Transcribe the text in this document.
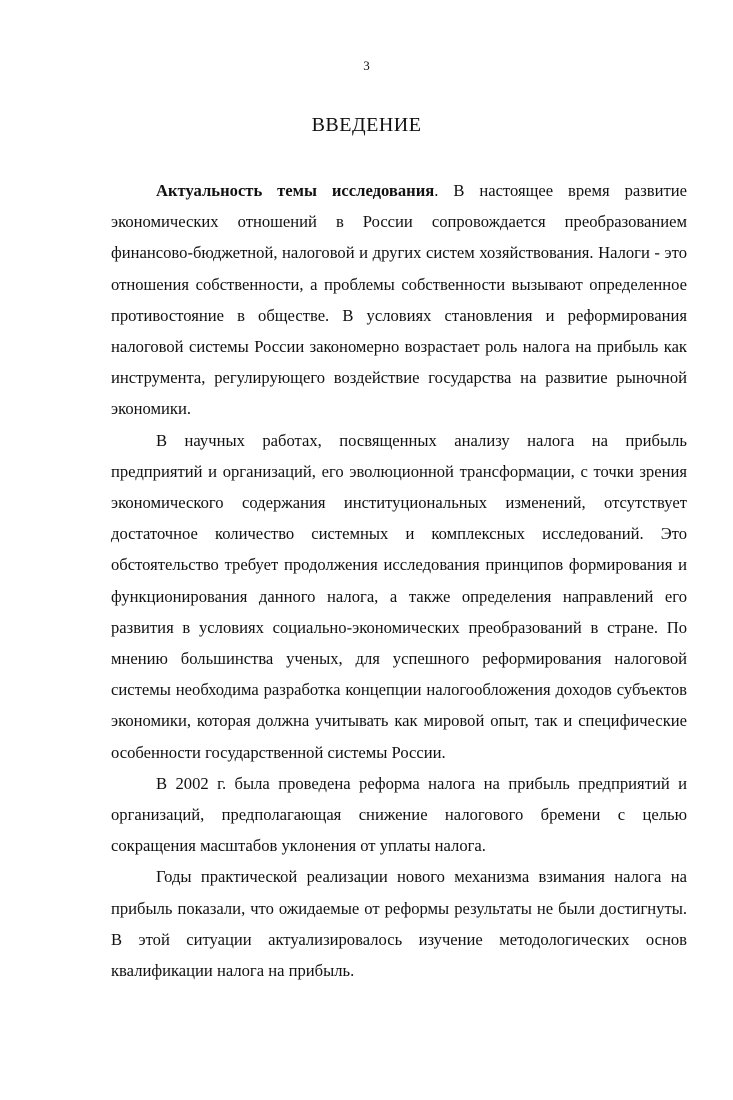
3
ВВЕДЕНИЕ

Актуальность темы исследования. В настоящее время развитие экономических отношений в России сопровождается преобразованием финансово-бюджетной, налоговой и других систем хозяйствования. Налоги - это отношения собственности, а проблемы собственности вызывают определенное противостояние в обществе. В условиях становления и реформирования налоговой системы России закономерно возрастает роль налога на прибыль как инструмента, регулирующего воздействие государства на развитие рыночной экономики.

В научных работах, посвященных анализу налога на прибыль предприятий и организаций, его эволюционной трансформации, с точки зрения экономического содержания институциональных изменений, отсутствует достаточное количество системных и комплексных исследований. Это обстоятельство требует продолжения исследования принципов формирования и функционирования данного налога, а также определения направлений его развития в условиях социально-экономических преобразований в стране. По мнению большинства ученых, для успешного реформирования налоговой системы необходима разработка концепции налогообложения доходов субъектов экономики, которая должна учитывать как мировой опыт, так и специфические особенности государственной системы России.

В 2002 г. была проведена реформа налога на прибыль предприятий и организаций, предполагающая снижение налогового бремени с целью сокращения масштабов уклонения от уплаты налога.

Годы практической реализации нового механизма взимания налога на прибыль показали, что ожидаемые от реформы результаты не были достигнуты. В этой ситуации актуализировалось изучение методологических основ квалификации налога на прибыль.
